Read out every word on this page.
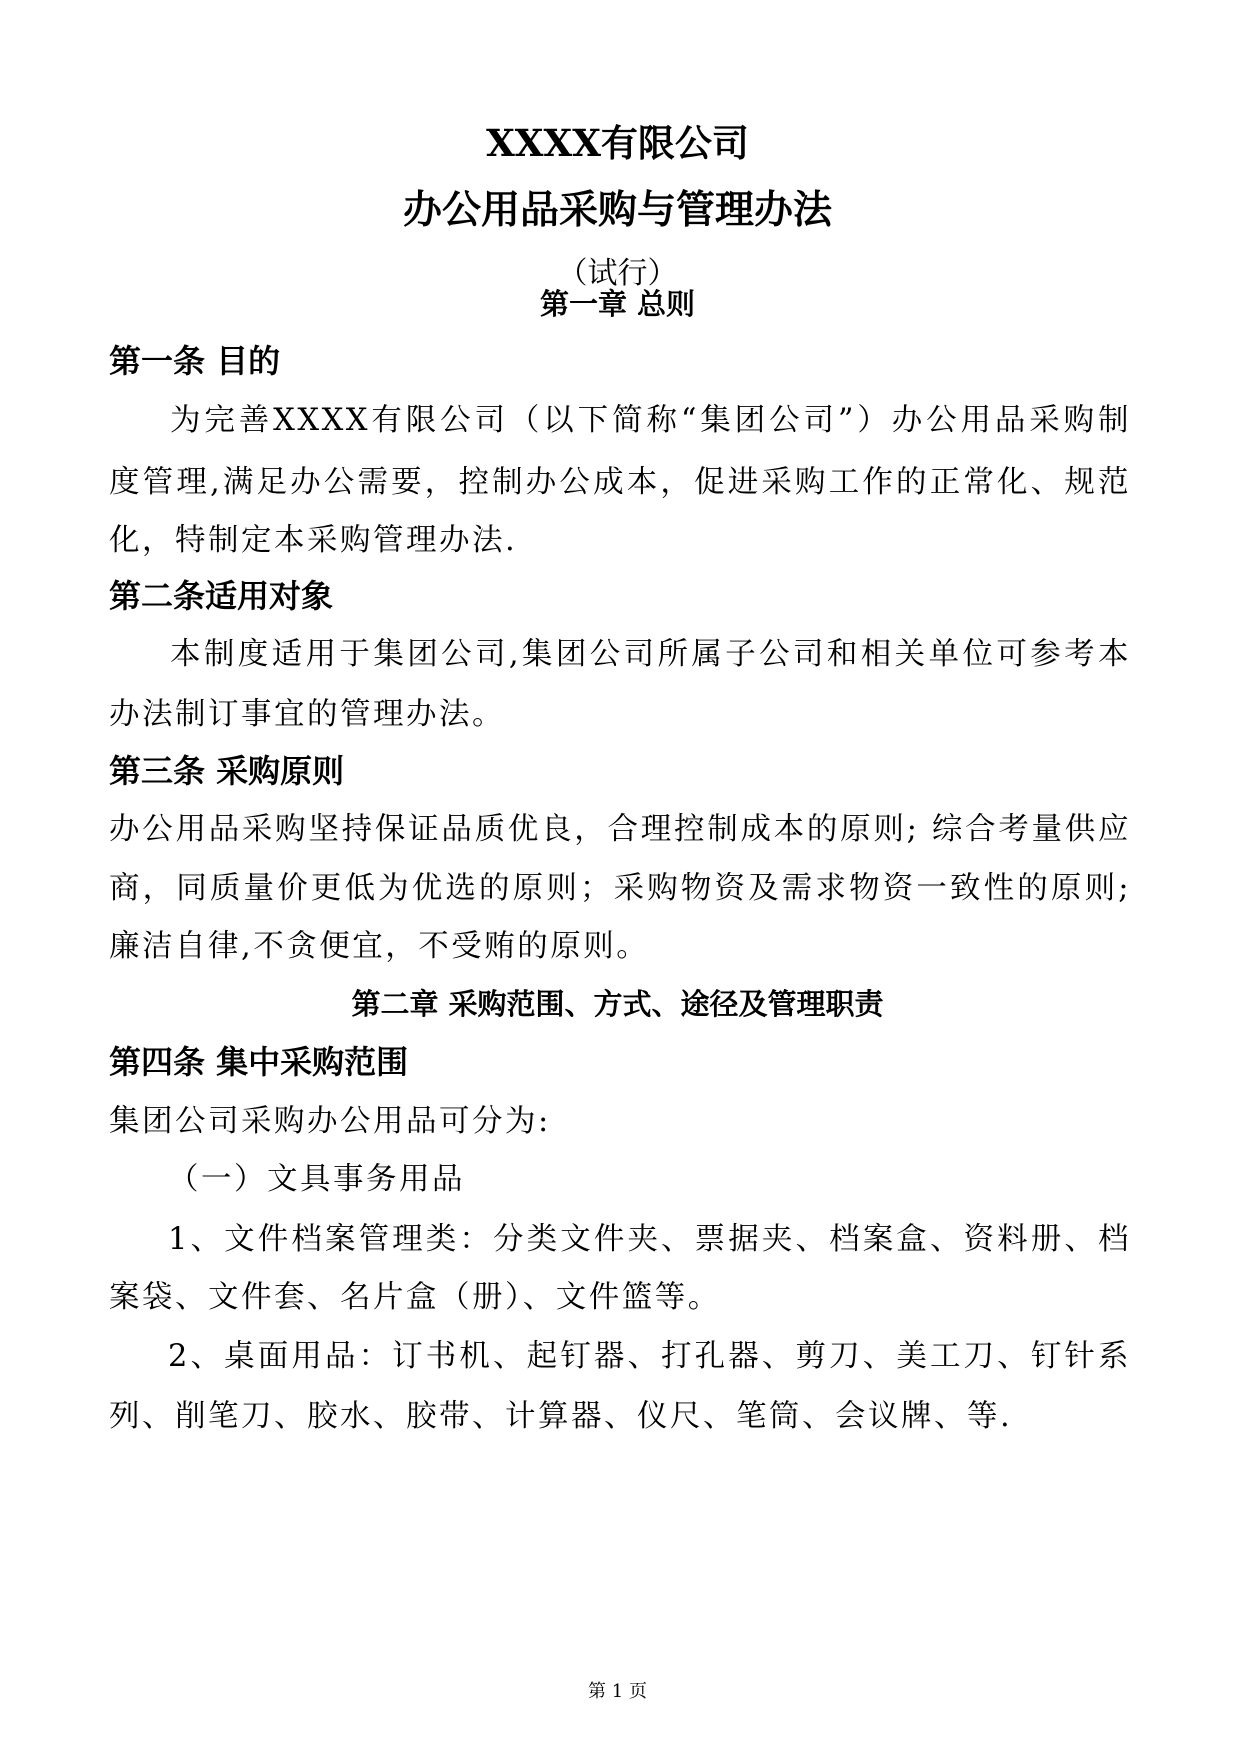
XXXX有限公司
办公用品采购与管理办法
（试行）
第一章 总则
第一条 目的
为完善XXXX有限公司（以下简称“集团公司”）办公用品采购制
度管理,满足办公需要，控制办公成本，促进采购工作的正常化、规范
化，特制定本采购管理办法.
第二条适用对象
本制度适用于集团公司,集团公司所属子公司和相关单位可参考本
办法制订事宜的管理办法。
第三条 采购原则
办公用品采购坚持保证品质优良，合理控制成本的原则; 综合考量供应
商，同质量价更低为优选的原则；采购物资及需求物资一致性的原则;
廉洁自律,不贪便宜，不受贿的原则。
第二章 采购范围、方式、途径及管理职责
第四条 集中采购范围
集团公司采购办公用品可分为:
（一）文具事务用品
1、文件档案管理类：分类文件夹、票据夹、档案盒、资料册、档
案袋、文件套、名片盒（册）、文件篮等。
2、桌面用品：订书机、起钉器、打孔器、剪刀、美工刀、钉针系
列、削笔刀、胶水、胶带、计算器、仪尺、笔筒、会议牌、等.
第 1 页
